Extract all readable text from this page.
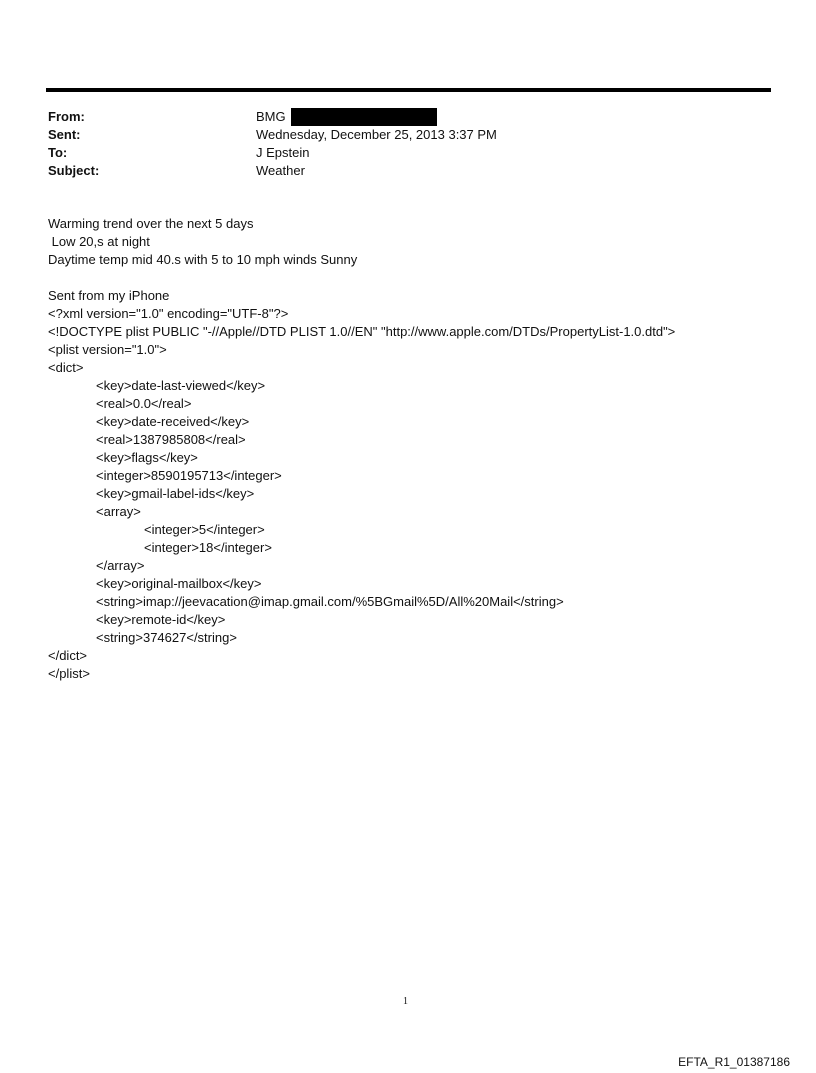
From:	BMG
Sent:	Wednesday, December 25, 2013 3:37 PM
To:	J Epstein
Subject:	Weather
Warming trend over the next 5 days
Low 20,s at night
Daytime temp mid 40.s with 5 to 10 mph winds Sunny
Sent from my iPhone
<?xml version="1.0" encoding="UTF-8"?>
<!DOCTYPE plist PUBLIC "-//Apple//DTD PLIST 1.0//EN" "http://www.apple.com/DTDs/PropertyList-1.0.dtd">
<plist version="1.0">
<dict>
<key>date-last-viewed</key>
<real>0.0</real>
<key>date-received</key>
<real>1387985808</real>
<key>flags</key>
<integer>8590195713</integer>
<key>gmail-label-ids</key>
<array>
<integer>5</integer>
<integer>18</integer>
</array>
<key>original-mailbox</key>
<string>imap://jeevacation@imap.gmail.com/%5BGmail%5D/All%20Mail</string>
<key>remote-id</key>
<string>374627</string>
</dict>
</plist>
1
EFTA_R1_01387186
